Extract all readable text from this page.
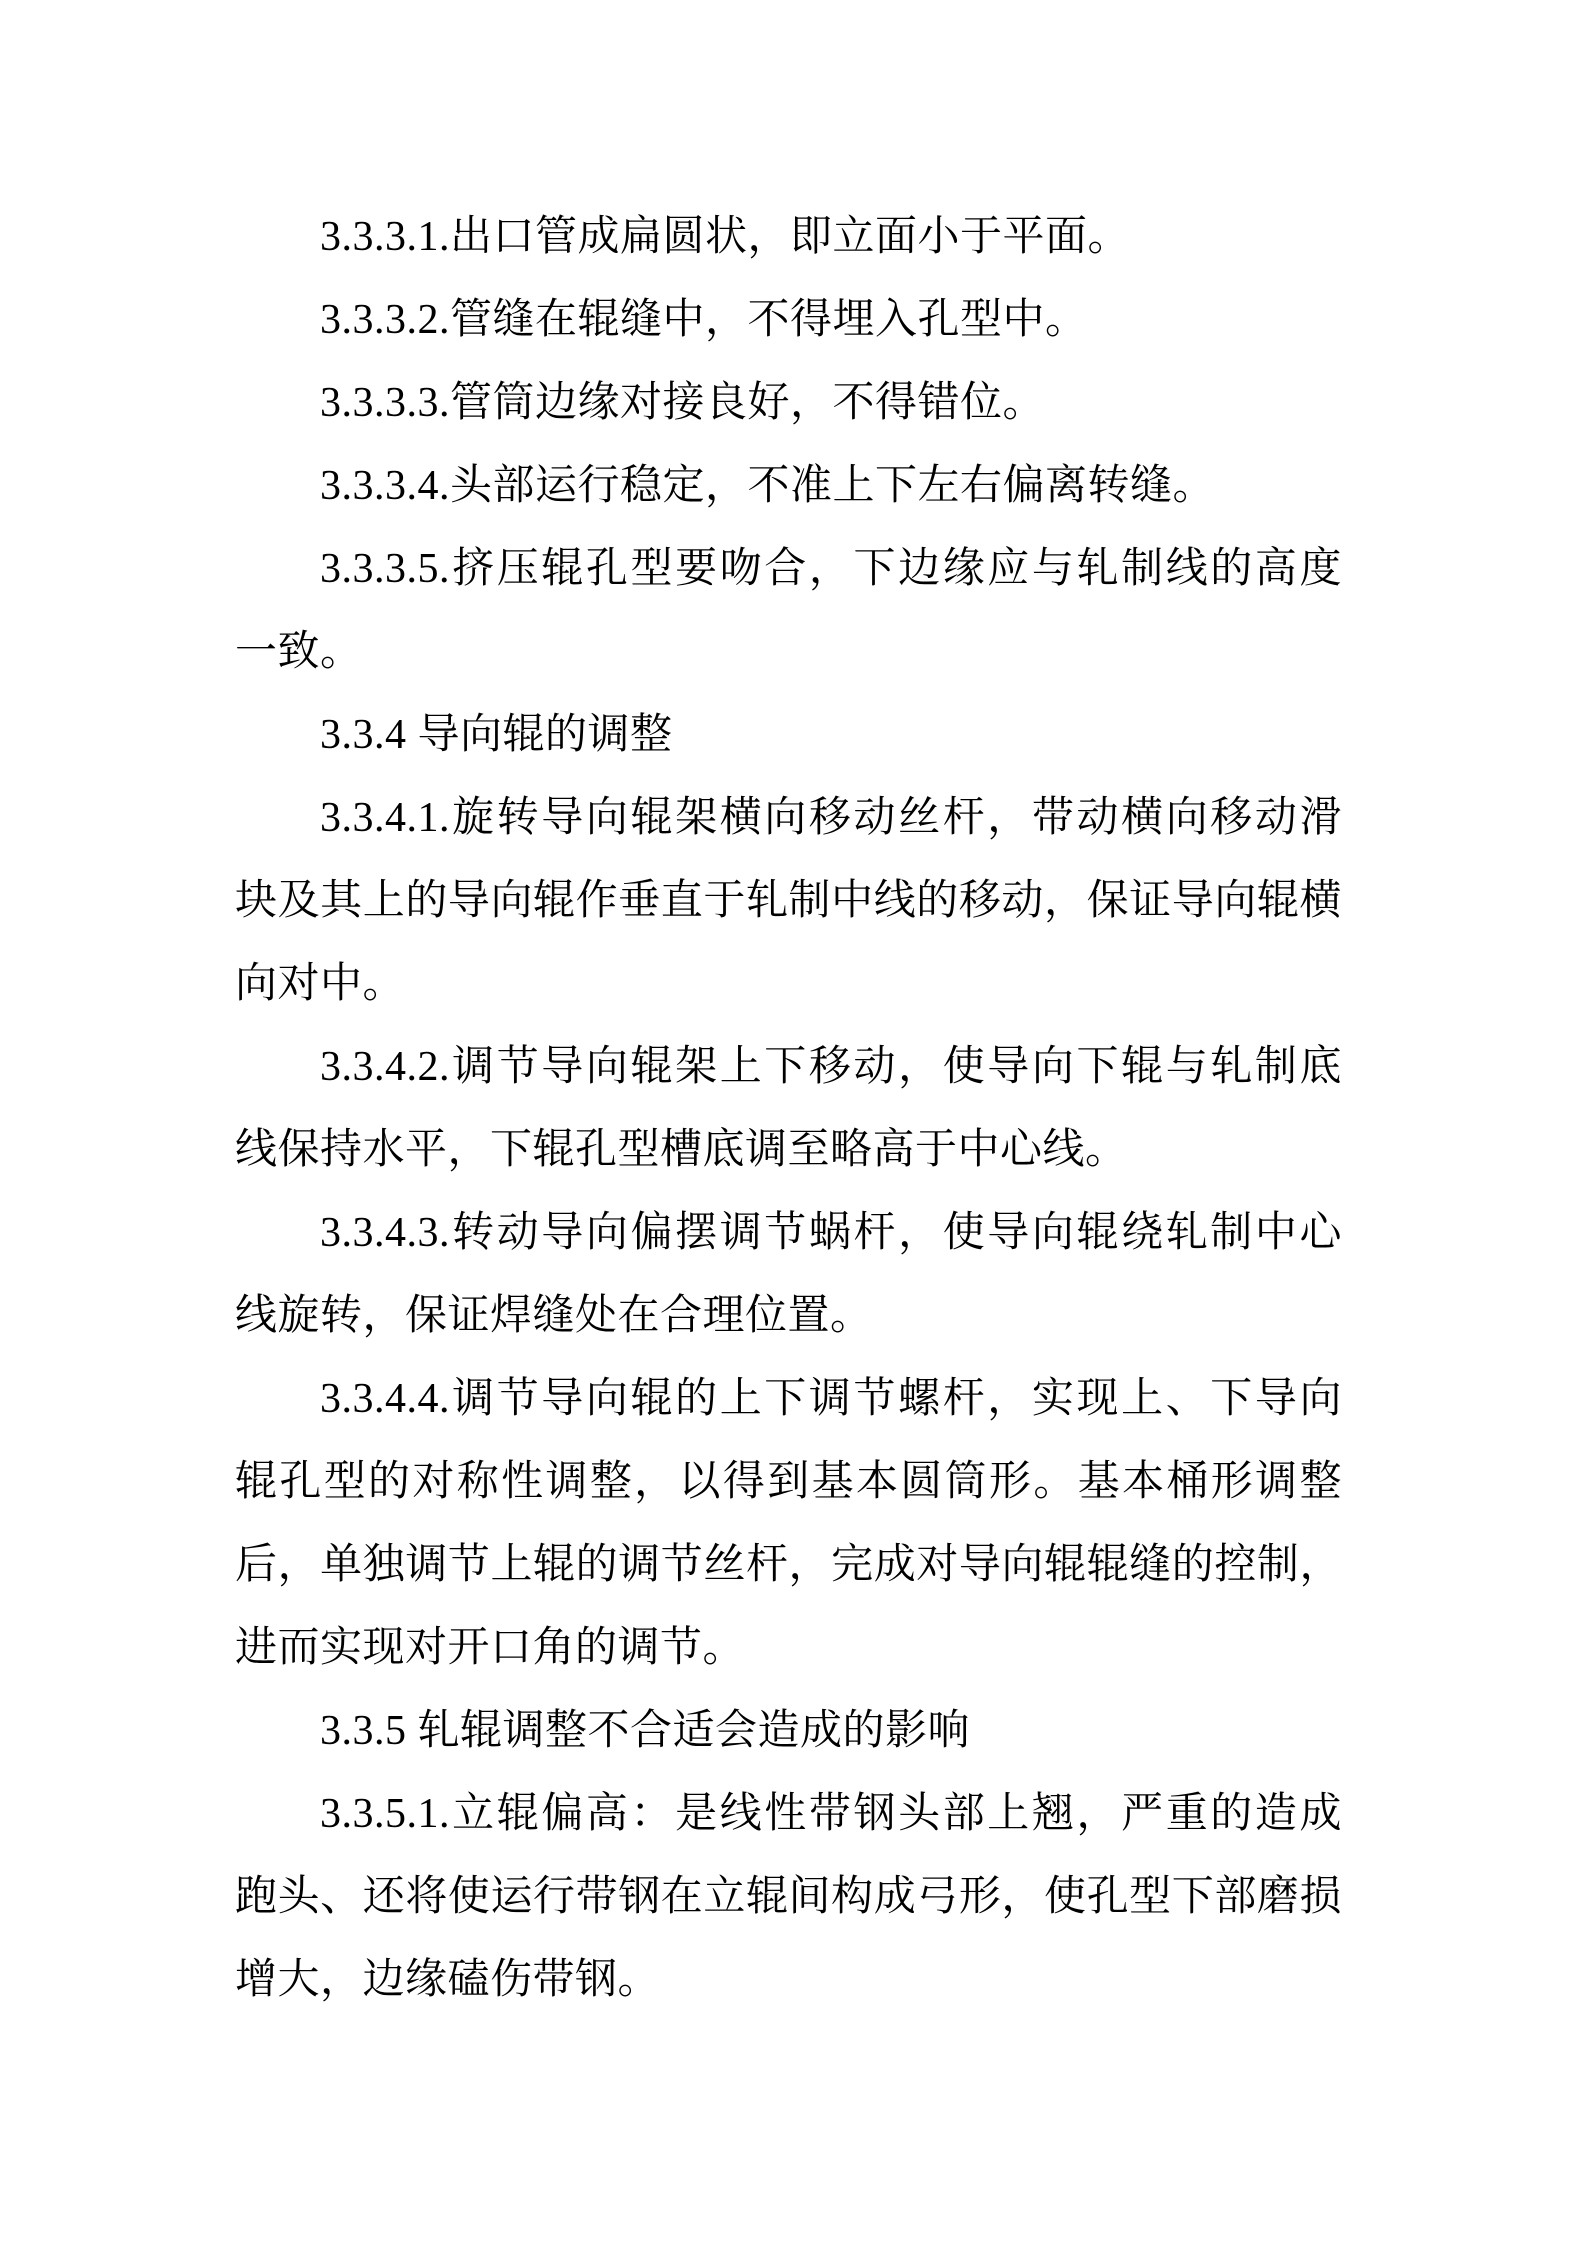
3.3.3.1.出口管成扁圆状，即立面小于平面。

3.3.3.2.管缝在辊缝中，不得埋入孔型中。

3.3.3.3.管筒边缘对接良好，不得错位。

3.3.3.4.头部运行稳定，不准上下左右偏离转缝。

3.3.3.5.挤压辊孔型要吻合，下边缘应与轧制线的高度一致。

3.3.4 导向辊的调整

3.3.4.1.旋转导向辊架横向移动丝杆，带动横向移动滑块及其上的导向辊作垂直于轧制中线的移动，保证导向辊横向对中。

3.3.4.2.调节导向辊架上下移动，使导向下辊与轧制底线保持水平，下辊孔型槽底调至略高于中心线。

3.3.4.3.转动导向偏摆调节蜗杆，使导向辊绕轧制中心线旋转，保证焊缝处在合理位置。

3.3.4.4.调节导向辊的上下调节螺杆，实现上、下导向辊孔型的对称性调整，以得到基本圆筒形。基本桶形调整后，单独调节上辊的调节丝杆，完成对导向辊辊缝的控制，进而实现对开口角的调节。

3.3.5 轧辊调整不合适会造成的影响

3.3.5.1.立辊偏高：是线性带钢头部上翘，严重的造成跑头、还将使运行带钢在立辊间构成弓形，使孔型下部磨损增大，边缘磕伤带钢。
